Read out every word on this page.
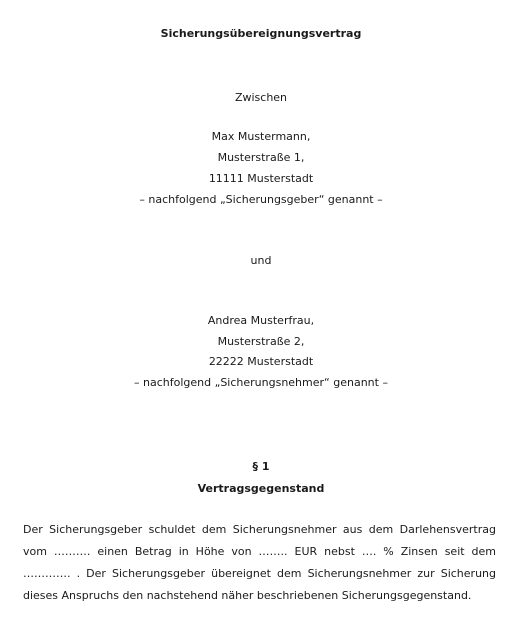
Sicherungsübereignungsvertrag
Zwischen
Max Mustermann,
Musterstraße 1,
11111 Musterstadt
– nachfolgend „Sicherungsgeber“ genannt –
und
Andrea Musterfrau,
Musterstraße 2,
22222 Musterstadt
– nachfolgend „Sicherungsnehmer“ genannt –
§ 1
Vertragsgegenstand

Der Sicherungsgeber schuldet dem Sicherungsnehmer aus dem Darlehensvertrag vom ………. einen Betrag in Höhe von …….. EUR nebst …. % Zinsen seit dem …………. . Der Sicherungsgeber übereignet dem Sicherungsnehmer zur Sicherung dieses Anspruchs den nachstehend näher beschriebenen Sicherungsgegenstand.
